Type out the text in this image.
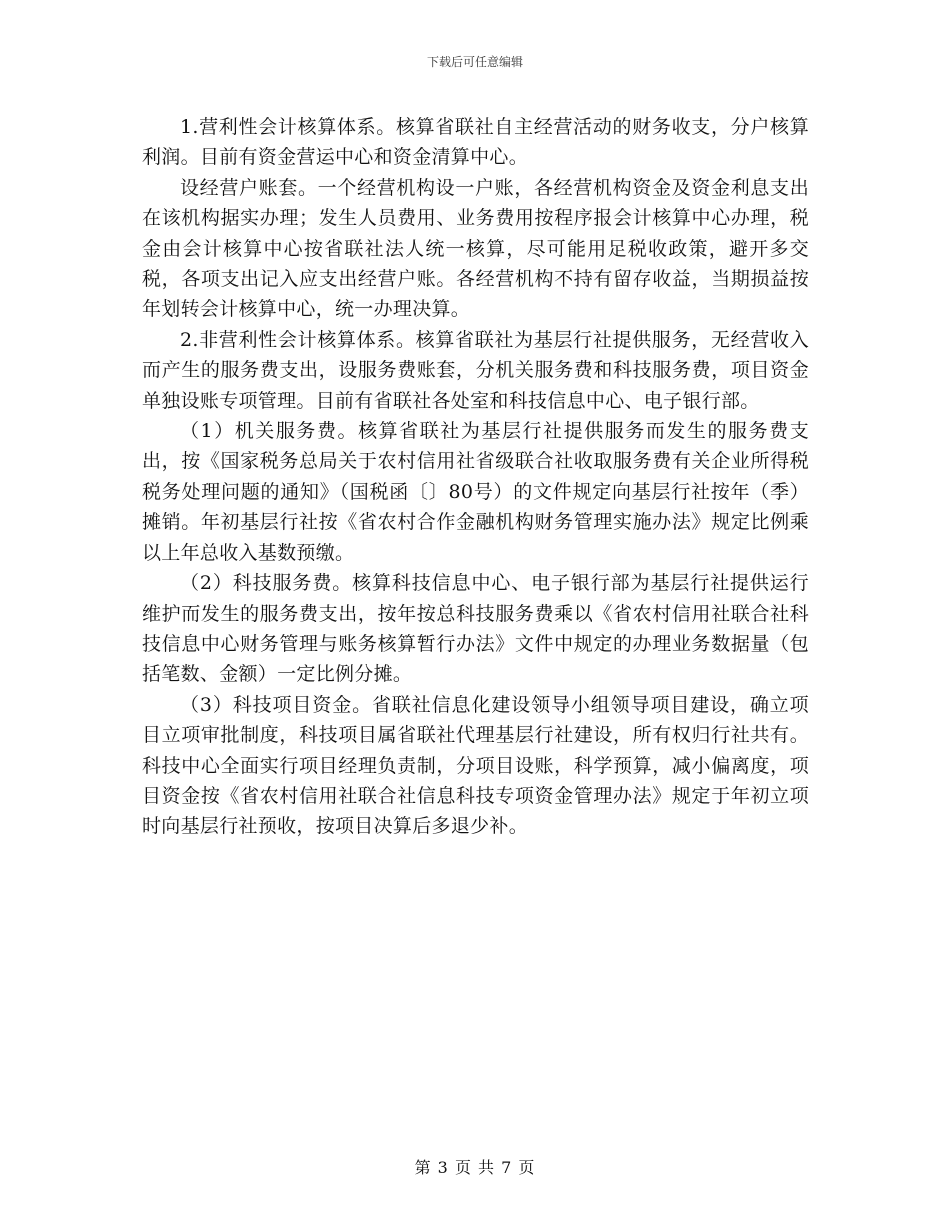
下载后可任意编辑

1.营利性会计核算体系。核算省联社自主经营活动的财务收支，分户核算利润。目前有资金营运中心和资金清算中心。

设经营户账套。一个经营机构设一户账，各经营机构资金及资金利息支出在该机构据实办理；发生人员费用、业务费用按程序报会计核算中心办理，税金由会计核算中心按省联社法人统一核算，尽可能用足税收政策，避开多交税，各项支出记入应支出经营户账。各经营机构不持有留存收益，当期损益按年划转会计核算中心，统一办理决算。

2.非营利性会计核算体系。核算省联社为基层行社提供服务，无经营收入而产生的服务费支出，设服务费账套，分机关服务费和科技服务费，项目资金单独设账专项管理。目前有省联社各处室和科技信息中心、电子银行部。

（1）机关服务费。核算省联社为基层行社提供服务而发生的服务费支出，按《国家税务总局关于农村信用社省级联合社收取服务费有关企业所得税税务处理问题的通知》（国税函〔〕80号）的文件规定向基层行社按年（季）摊销。年初基层行社按《省农村合作金融机构财务管理实施办法》规定比例乘以上年总收入基数预缴。

（2）科技服务费。核算科技信息中心、电子银行部为基层行社提供运行维护而发生的服务费支出，按年按总科技服务费乘以《省农村信用社联合社科技信息中心财务管理与账务核算暂行办法》文件中规定的办理业务数据量（包括笔数、金额）一定比例分摊。

（3）科技项目资金。省联社信息化建设领导小组领导项目建设，确立项目立项审批制度，科技项目属省联社代理基层行社建设，所有权归行社共有。科技中心全面实行项目经理负责制，分项目设账，科学预算，减小偏离度，项目资金按《省农村信用社联合社信息科技专项资金管理办法》规定于年初立项时向基层行社预收，按项目决算后多退少补。

第 3 页 共 7 页
